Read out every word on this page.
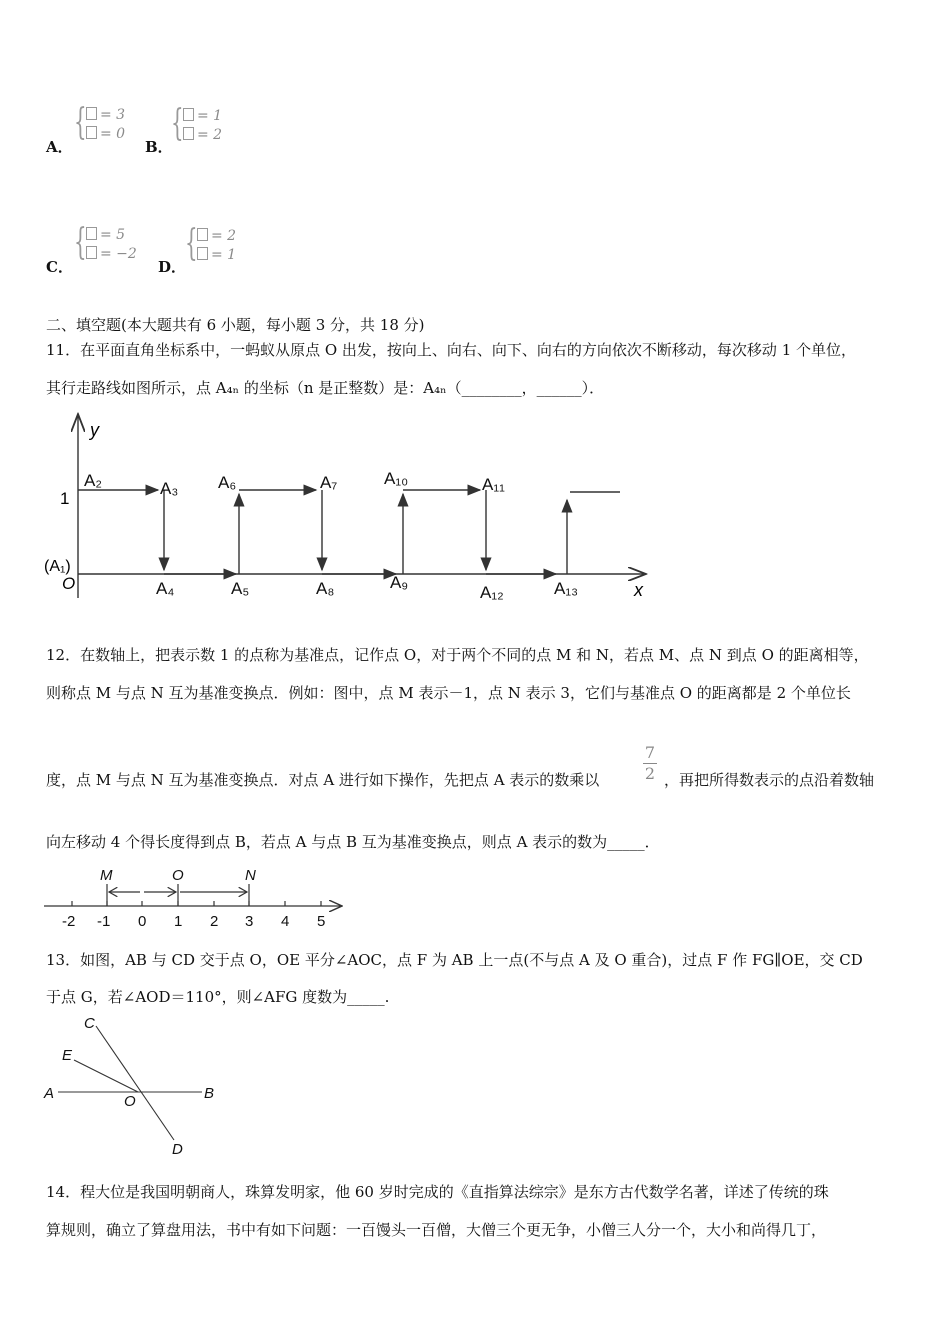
A．
{ = 3
= 0
B．
{ = 1
= 2
C．
{ = 5
= −2
D．
{ = 2
= 1
二、填空题(本大题共有 6 小题，每小题 3 分，共 18 分)
11．在平面直角坐标系中，一蚂蚁从原点 O 出发，按向上、向右、向下、向右的方向依次不断移动，每次移动 1 个单位，
其行走路线如图所示，点 A₄ₙ 的坐标（n 是正整数）是：A₄ₙ（________，______）．
y
x
1
(A₁)
O
A₂	A₃ A₆	A₇	A₁₀	A₁₁
A₄	A₅	A₈	A₉
A₁₂	A₁₃
12．在数轴上，把表示数 1 的点称为基准点，记作点 O，对于两个不同的点 M 和 N，若点 M、点 N 到点 O 的距离相等，
则称点 M 与点 N 互为基准变换点．例如：图中，点 M 表示－1，点 N 表示 3，它们与基准点 O 的距离都是 2 个单位长
度，点 M 与点 N 互为基准变换点．对点 A 进行如下操作，先把点 A 表示的数乘以
7
2 ，再把所得数表示的点沿着数轴
向左移动 4 个得长度得到点 B，若点 A 与点 B 互为基准变换点，则点 A 表示的数为_____．
M	O	N
-2 -1 0 1 2 3 4 5
13．如图，AB 与 CD 交于点 O，OE 平分∠AOC，点 F 为 AB 上一点(不与点 A 及 O 重合)，过点 F 作 FG∥OE，交 CD
于点 G，若∠AOD＝110°，则∠AFG 度数为_____.
C
E
A	O	B
D
14．程大位是我国明朝商人，珠算发明家，他 60 岁时完成的《直指算法综宗》是东方古代数学名著，详述了传统的珠
算规则，确立了算盘用法，书中有如下问题：一百馒头一百僧，大僧三个更无争，小僧三人分一个，大小和尚得几丁，
